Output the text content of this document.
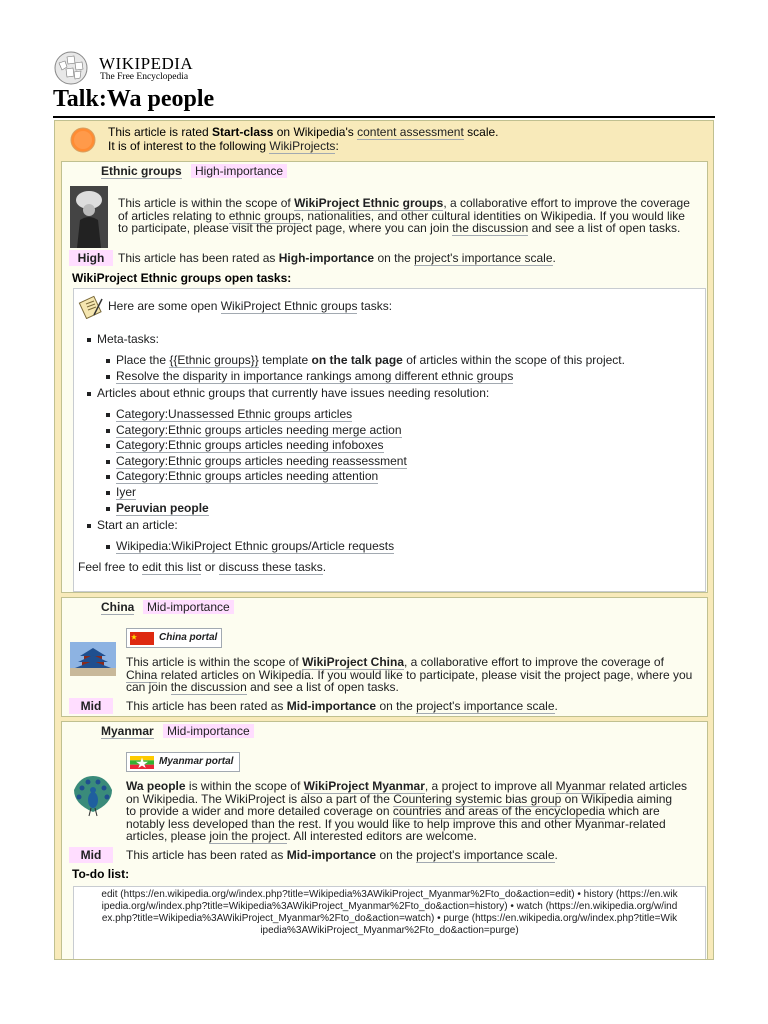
WIKIPEDIA
The Free Encyclopedia
Talk:Wa people
This article is rated Start-class on Wikipedia's content assessment scale.
It is of interest to the following WikiProjects:
Ethnic groups	High-importance
This article is within the scope of WikiProject Ethnic groups, a collaborative effort to improve the coverage
of articles relating to ethnic groups, nationalities, and other cultural identities on Wikipedia. If you would like
to participate, please visit the project page, where you can join the discussion and see a list of open tasks.
High	This article has been rated as High-importance on the project's importance scale.
WikiProject Ethnic groups open tasks:
Here are some open WikiProject Ethnic groups tasks:
Meta-tasks:
Place the {{Ethnic groups}} template on the talk page of articles within the scope of this project.
Resolve the disparity in importance rankings among different ethnic groups
Articles about ethnic groups that currently have issues needing resolution:
Category:Unassessed Ethnic groups articles
Category:Ethnic groups articles needing merge action
Category:Ethnic groups articles needing infoboxes
Category:Ethnic groups articles needing reassessment
Category:Ethnic groups articles needing attention
Iyer
Peruvian people
Start an article:
Wikipedia:WikiProject Ethnic groups/Article requests
Feel free to edit this list or discuss these tasks.
China	Mid-importance
China portal
This article is within the scope of WikiProject China, a collaborative effort to improve the coverage of
China related articles on Wikipedia. If you would like to participate, please visit the project page, where you
can join the discussion and see a list of open tasks.
Mid	This article has been rated as Mid-importance on the project's importance scale.
Myanmar	Mid-importance
Myanmar portal
Wa people is within the scope of WikiProject Myanmar, a project to improve all Myanmar related articles
on Wikipedia. The WikiProject is also a part of the Countering systemic bias group on Wikipedia aiming
to provide a wider and more detailed coverage on countries and areas of the encyclopedia which are
notably less developed than the rest. If you would like to help improve this and other Myanmar-related
articles, please join the project. All interested editors are welcome.
Mid	This article has been rated as Mid-importance on the project's importance scale.
To-do list:
edit (https://en.wikipedia.org/w/index.php?title=Wikipedia%3AWikiProject_Myanmar%2Fto_do&action=edit) • history (https://en.wik
ipedia.org/w/index.php?title=Wikipedia%3AWikiProject_Myanmar%2Fto_do&action=history) • watch (https://en.wikipedia.org/w/ind
ex.php?title=Wikipedia%3AWikiProject_Myanmar%2Fto_do&action=watch) • purge (https://en.wikipedia.org/w/index.php?title=Wik
ipedia%3AWikiProject_Myanmar%2Fto_do&action=purge)
